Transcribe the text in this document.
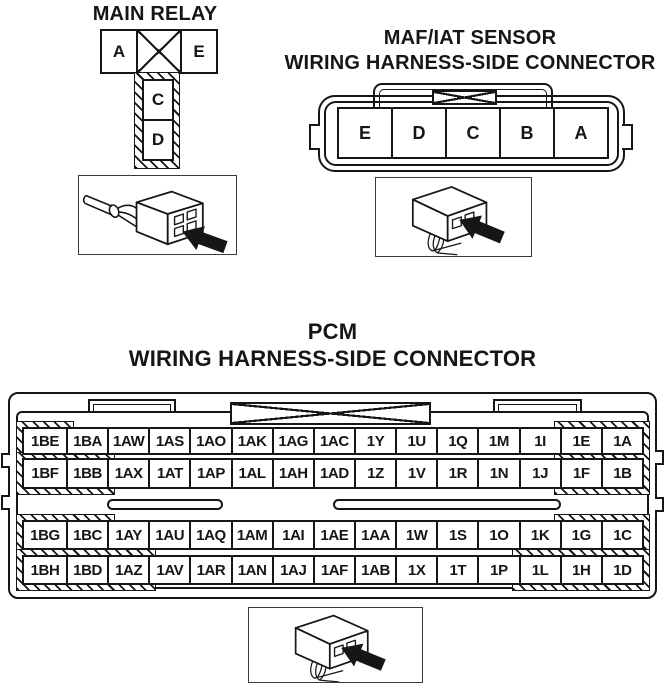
MAIN RELAY
A	E
C
D
MAF/IAT SENSOR
WIRING HARNESS-SIDE CONNECTOR
E	D	C	B	A
PCM
WIRING HARNESS-SIDE CONNECTOR
1BE 1BA 1AW 1AS 1AO 1AK 1AG 1AC	1Y	1U	1Q	1M	1I	1E	1A
1BF 1BB 1AX 1AT 1AP 1AL 1AH 1AD	1Z	1V	1R	1N	1J	1F	1B
1BG 1BC 1AY 1AU 1AQ 1AM 1AI	1AE 1AA	1W	1S	1O	1K	1G	1C
1BH 1BD 1AZ 1AV 1AR 1AN 1AJ 1AF 1AB	1X	1T	1P	1L	1H	1D
